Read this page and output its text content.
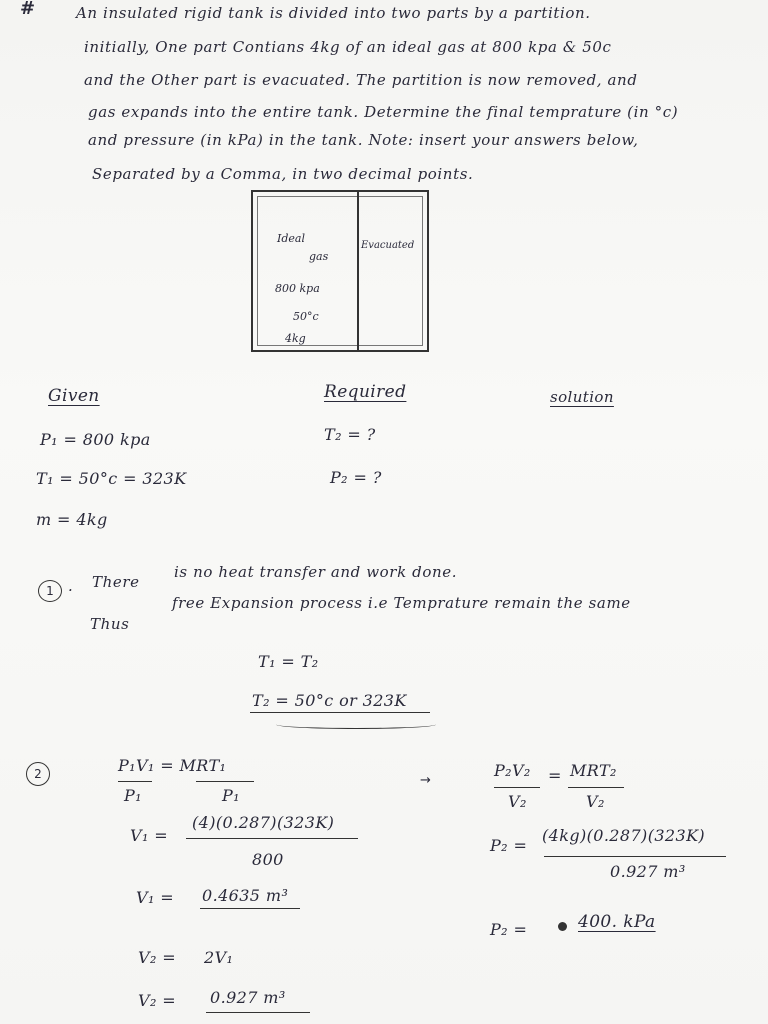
#	An insulated rigid tank is divided into two parts by a partition.
initially, One part Contians 4kg of an ideal gas at 800 kpa & 50c
and the Other part is evacuated. The partition is now removed, and
gas expands into the entire tank. Determine the final temprature (in °c)
and pressure (in kPa) in the tank. Note: insert your answers below,
Separated by a Comma, in two decimal points.
Ideal
gas
Evacuated
800 kpa
50°c
4kg
Given	Required	solution
P₁ = 800 kpa
T₁ = 50°c = 323K
m = 4kg
T₂ = ?
P₂ = ?
1 · There
is no heat transfer and work done.
Thus
free Expansion process i.e Temprature remain the same
T₁ = T₂
T₂ = 50°c or 323K
2	P₁V₁ = MRT₁
P₁	P₁
V₁ =
(4)(0.287)(323K)
800
V₁ = 0.4635 m³
V₂ = 2V₁
V₂ = 0.927 m³
→
P₂V₂ = MRT₂
V₂	V₂
P₂ =
(4kg)(0.287)(323K)
0.927 m³
P₂ =	400. kPa
